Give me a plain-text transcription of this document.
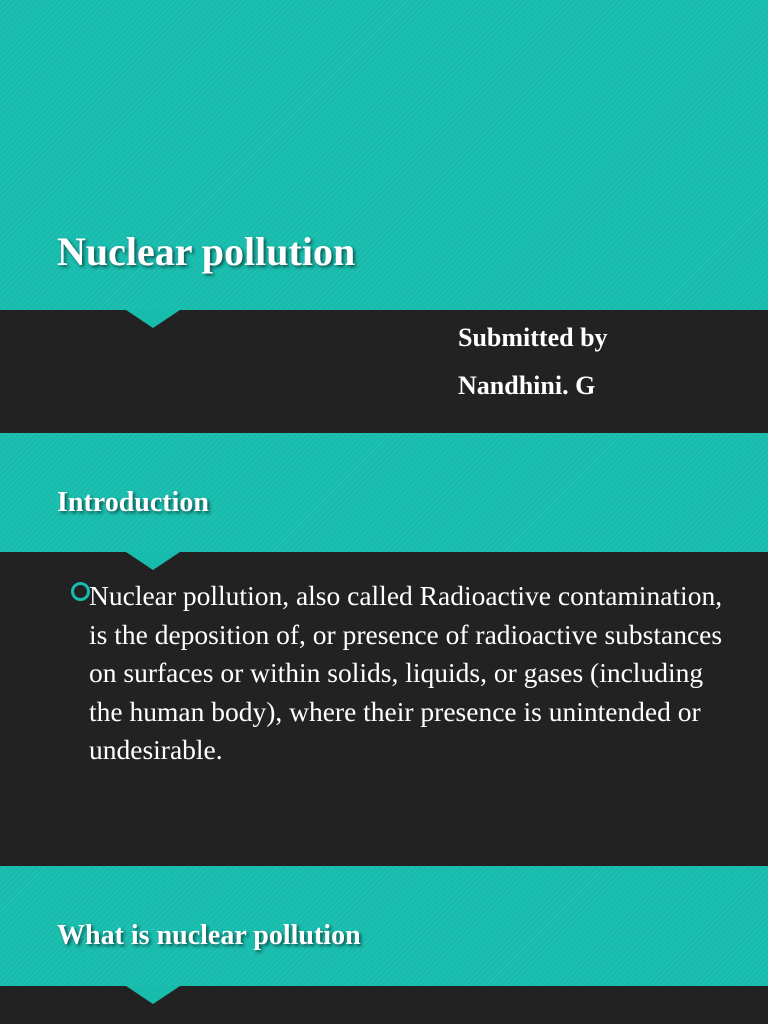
Nuclear pollution
Submitted by
Nandhini. G
Introduction
Nuclear pollution, also called Radioactive contamination, is the deposition of, or presence of radioactive substances on surfaces or within solids, liquids, or gases (including the human body), where their presence is unintended or undesirable.
What is nuclear pollution
